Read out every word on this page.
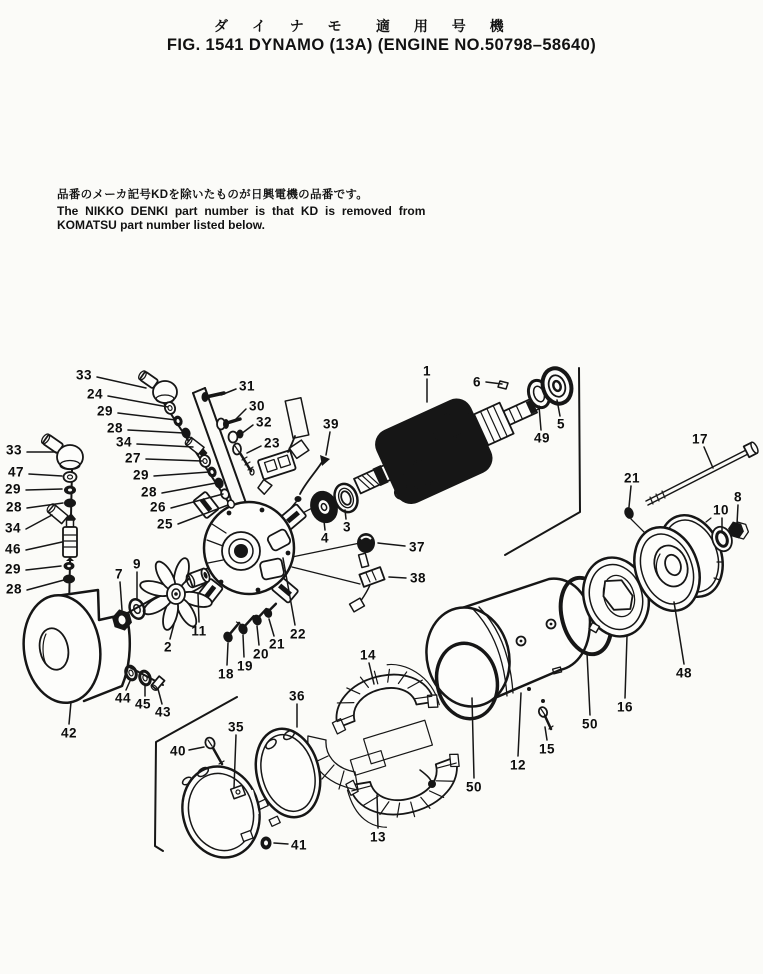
ダ イ ナ モ 適 用 号 機
FIG. 1541 DYNAMO (13A) (ENGINE NO.50798–58640)
品番のメーカ記号KDを除いたものが日興電機の品番です。
The NIKKO DENKI part number is that KD is removed from
KOMATSU part number listed below.
33
24
29
28
34
27
29
28
26
25
33
47
29
28
34
46
29
28
31
30
32
23
39
1
6
5
49	17
21
10
8
48
16
50
12
15
50
13
14
36
35
40
41
42
44 45
43
7
9
2
11
18
19
20
21
22
37
38
3
4
